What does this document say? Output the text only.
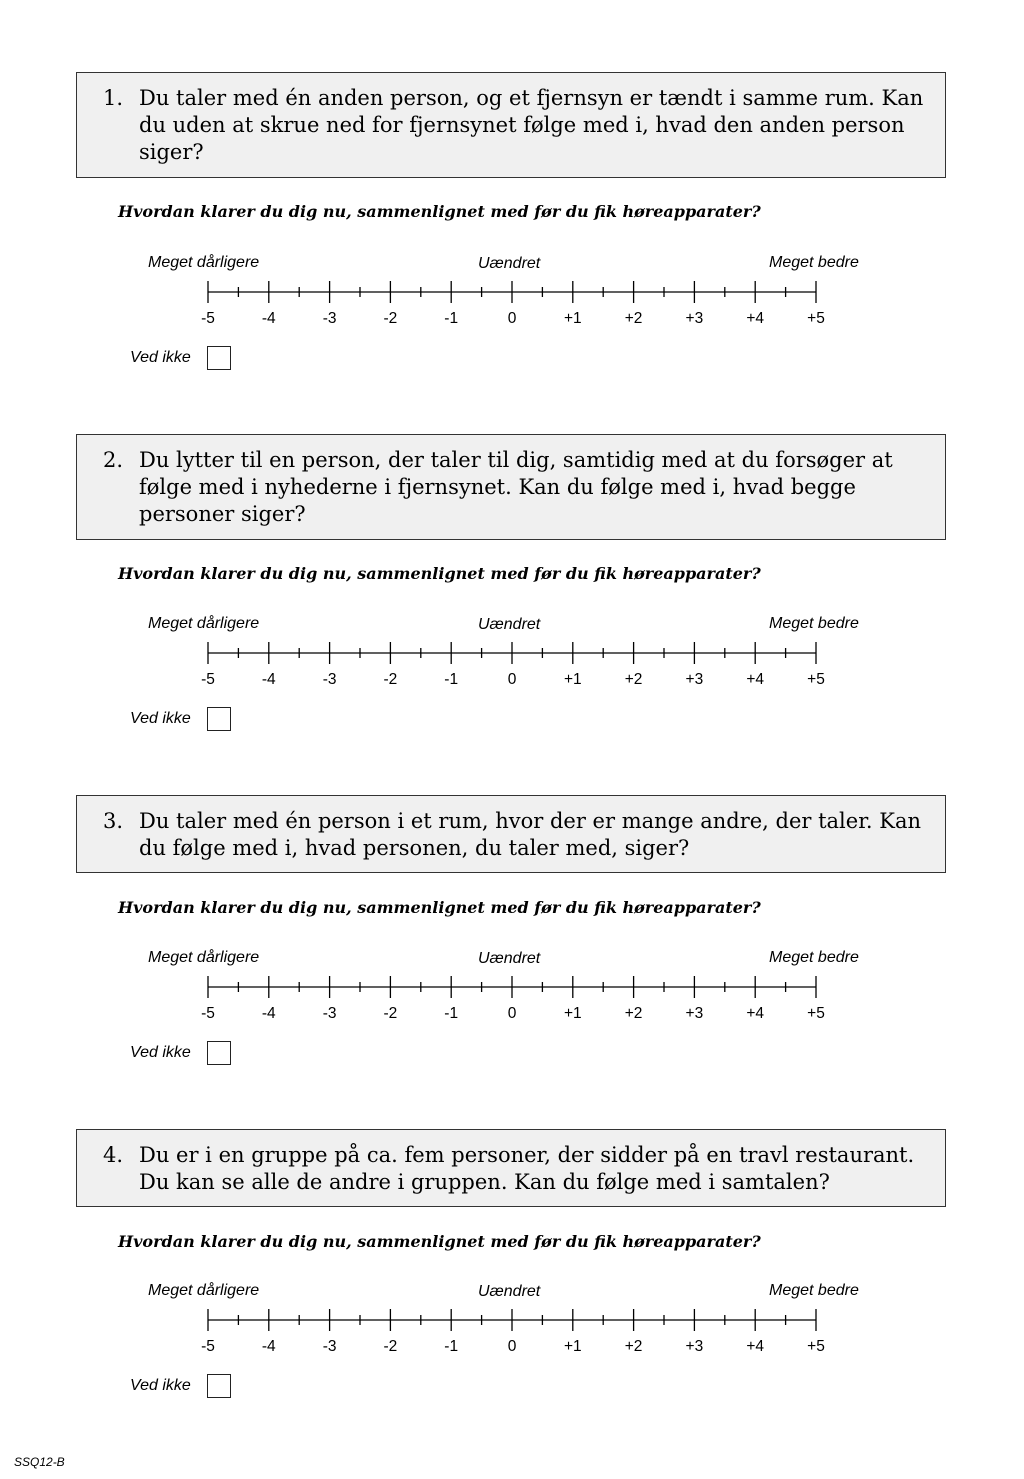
1. Du taler med én anden person, og et fjernsyn er tændt i samme rum. Kan du uden at skrue ned for fjernsynet følge med i, hvad den anden person siger?
Hvordan klarer du dig nu, sammenlignet med før du fik høreapparater?
Meget dårligere	Uændret	Meget bedre
-5	-4	-3	-2	-1	0	+1	+2	+3	+4	+5
Ved ikke
2. Du lytter til en person, der taler til dig, samtidig med at du forsøger at følge med i nyhederne i fjernsynet. Kan du følge med i, hvad begge personer siger?
Hvordan klarer du dig nu, sammenlignet med før du fik høreapparater?
Meget dårligere	Uændret	Meget bedre
-5	-4	-3	-2	-1	0	+1	+2	+3	+4	+5
Ved ikke
3. Du taler med én person i et rum, hvor der er mange andre, der taler. Kan du følge med i, hvad personen, du taler med, siger?
Hvordan klarer du dig nu, sammenlignet med før du fik høreapparater?
Meget dårligere	Uændret	Meget bedre
-5	-4	-3	-2	-1	0	+1	+2	+3	+4	+5
Ved ikke
4. Du er i en gruppe på ca. fem personer, der sidder på en travl restaurant. Du kan se alle de andre i gruppen. Kan du følge med i samtalen?
Hvordan klarer du dig nu, sammenlignet med før du fik høreapparater?
Meget dårligere	Uændret	Meget bedre
-5	-4	-3	-2	-1	0	+1	+2	+3	+4	+5
Ved ikke
SSQ12-B
